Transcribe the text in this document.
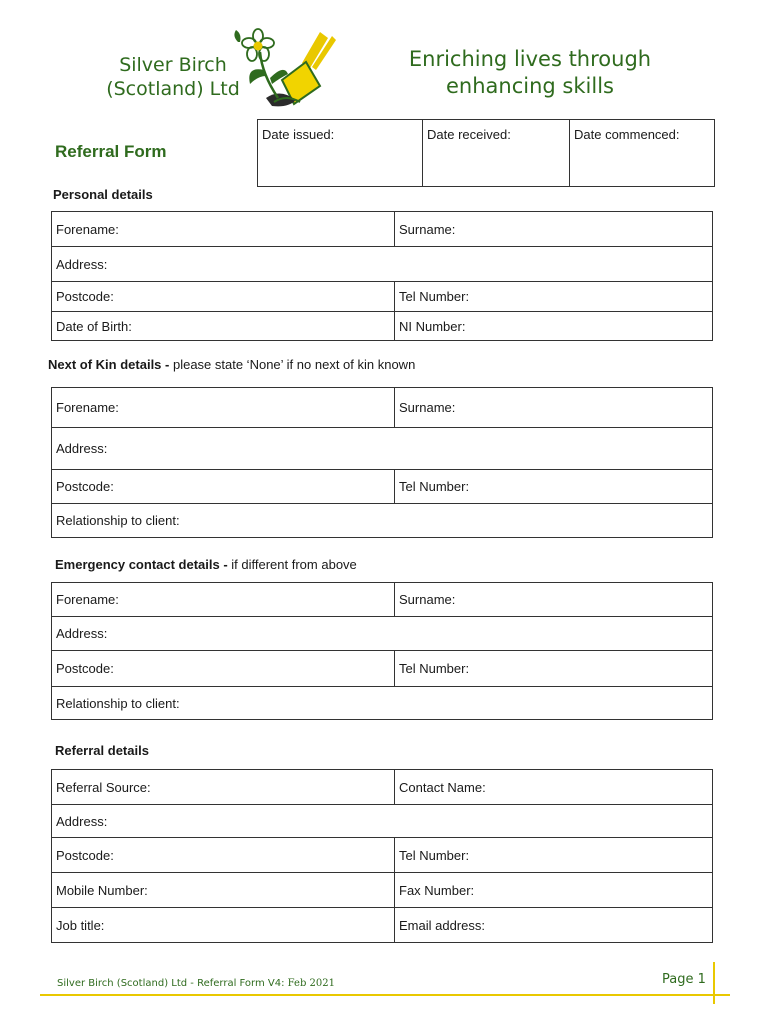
Silver Birch
(Scotland) Ltd
Enriching lives through
enhancing skills
Referral Form
Date issued:	Date received:	Date commenced:
Personal details
Forename:	Surname:
Address:	
Postcode:	Tel Number:
Date of Birth:	NI Number:
Next of Kin details - please state ‘None’ if no next of kin known
Forename:	Surname:
Address:	
Postcode:	Tel Number:
Relationship to client:	
Emergency contact details - if different from above
Forename:	Surname:
Address:	
Postcode:	Tel Number:
Relationship to client:	
Referral details
Referral Source:	Contact Name:
Address:	
Postcode:	Tel Number:
Mobile Number:	Fax Number:
Job title:	Email address:
Silver Birch (Scotland) Ltd - Referral Form V4: Feb 2021	Page 1
